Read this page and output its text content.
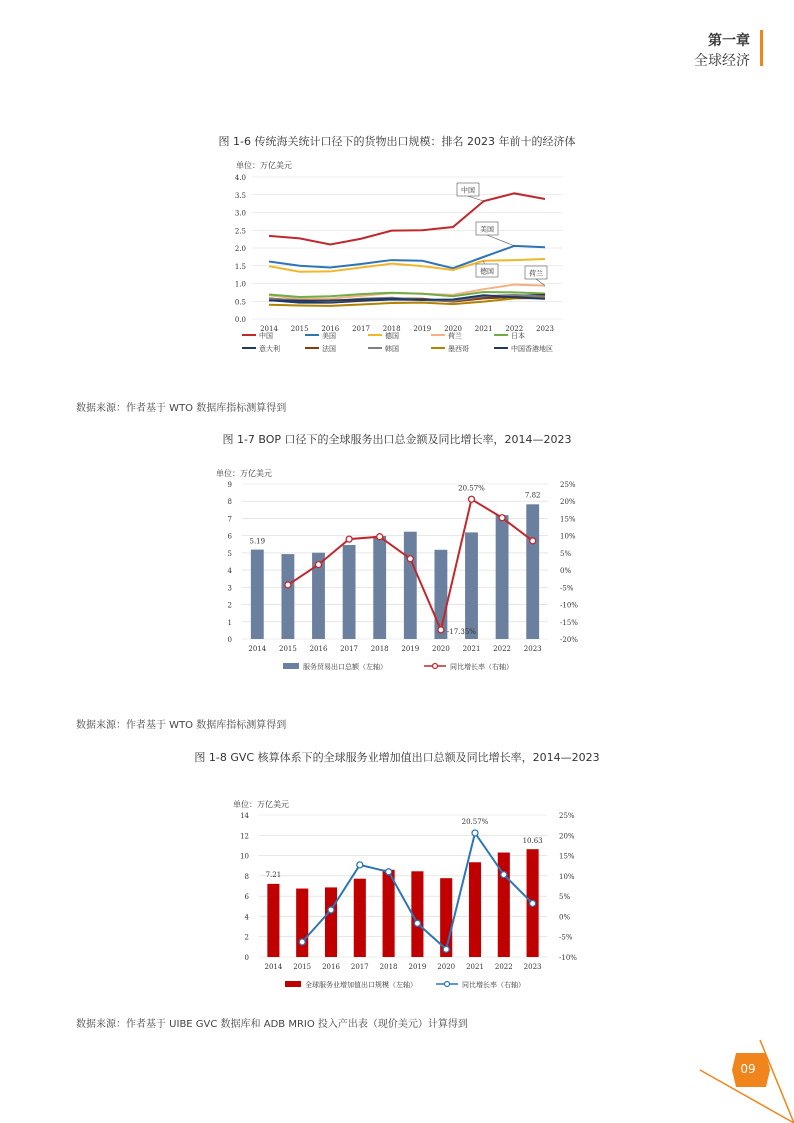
第一章
全球经济
图 1-6 传统海关统计口径下的货物出口规模：排名 2023 年前十的经济体
单位：万亿美元
0.0
0.5
1.0
1.5
2.0
2.5
3.0
3.5
4.0
2014 2015 2016 2017 2018 2019 2020 2021 2022 2023
中国
美国
德国	荷兰
中国	美国	德国	荷兰	日本
意大利	法国	韩国	墨西哥	中国香港地区
数据来源：作者基于 WTO 数据库指标测算得到
图 1-7 BOP 口径下的全球服务出口总金额及同比增长率，2014—2023
单位：万亿美元
0
1
2
3
4
5
6
7
8
9
-20%
-15%
-10%
-5%
0%
5%
10%
15%
20%
25%
2014 2015 2016 2017 2018 2019 2020 2021 2022 2023
5.19
7.82
20.57%
-17.35%
服务贸易出口总额（左轴）	同比增长率（右轴）
数据来源：作者基于 WTO 数据库指标测算得到
图 1-8 GVC 核算体系下的全球服务业增加值出口总额及同比增长率，2014—2023
单位：万亿美元
0
2
4
6
8
10
12
14
-10%
-5%
0%
5%
10%
15%
20%
25%
2014 2015 2016 2017 2018 2019 2020 2021 2022 2023
7.21
20.57%
10.63
全球服务业增加值出口规模（左轴）	同比增长率（右轴）
数据来源：作者基于 UIBE GVC 数据库和 ADB MRIO 投入产出表（现价美元）计算得到
09
